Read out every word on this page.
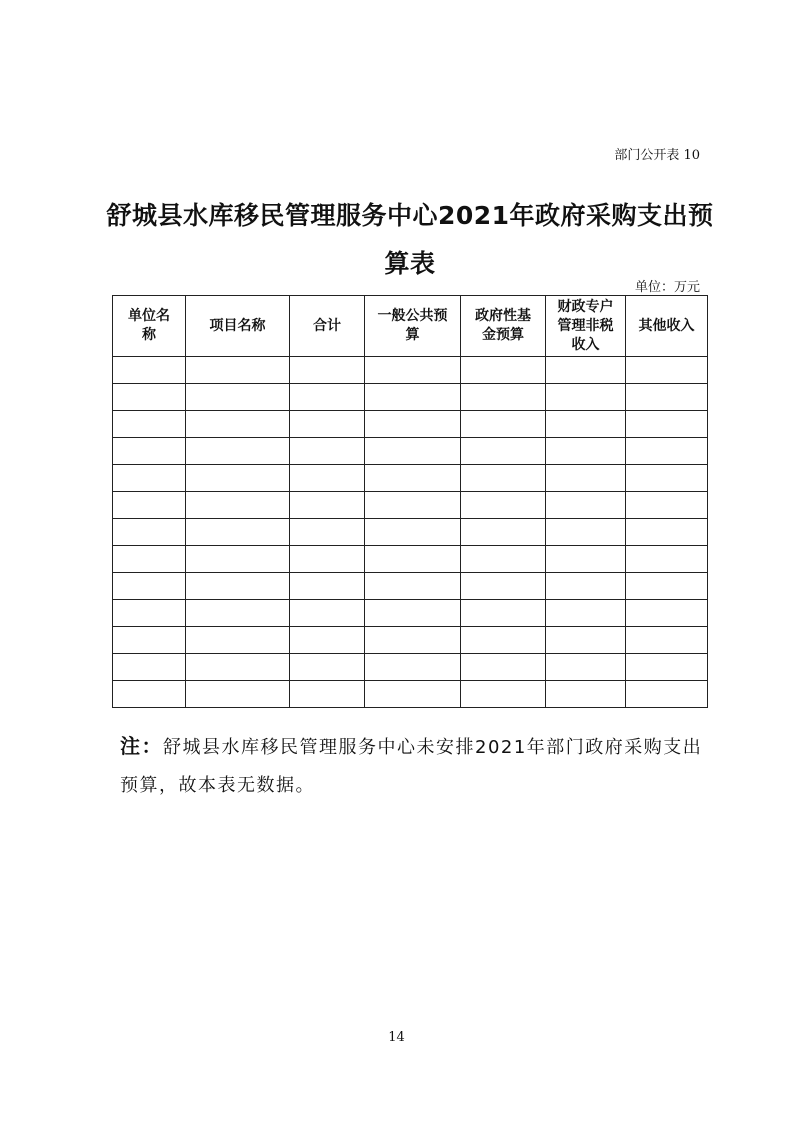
部门公开表 10
舒城县水库移民管理服务中心2021年政府采购支出预算表
单位：万元
单位名称	项目名称	合计	一般公共预算	政府性基金预算	财政专户管理非税收入	其他收入

注：舒城县水库移民管理服务中心未安排2021年部门政府采购支出预算，故本表无数据。
14
